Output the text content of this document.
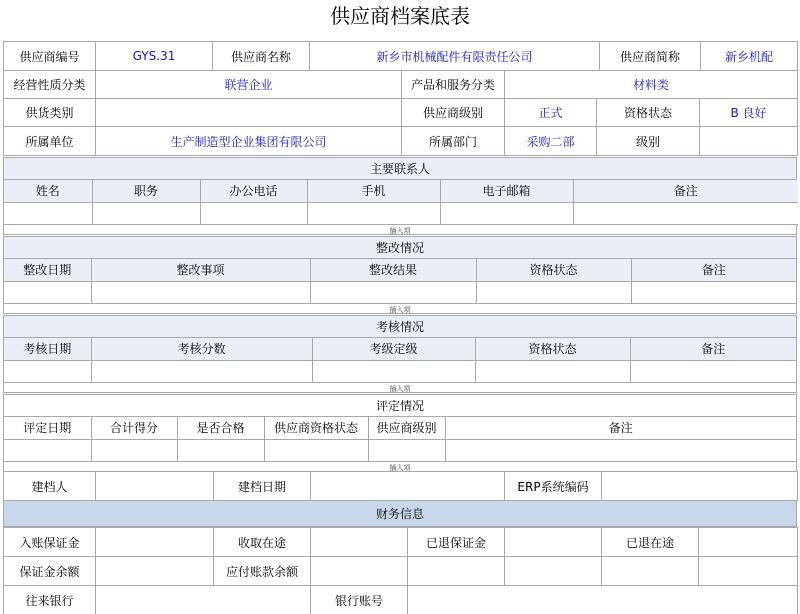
供应商档案底表
供应商编号	GYS.31	供应商名称	新乡市机械配件有限责任公司	供应商简称	新乡机配
经营性质分类	联营企业	产品和服务分类	材料类
供货类别		供应商级别	正式	资格状态	B 良好
所属单位	生产制造型企业集团有限公司	所属部门	采购二部	级别	
主要联系人
姓名	职务	办公电话	手机	电子邮箱	备注

插入项
整改情况
整改日期	整改事项	整改结果	资格状态	备注

插入项
考核情况
考核日期	考核分数	考级定级	资格状态	备注

插入项
评定情况
评定日期	合计得分	是否合格	供应商资格状态	供应商级别	备注

插入项
建档人		建档日期		ERP系统编码	
财务信息
入账保证金		收取在途		已退保证金		已退在途	
保证金余额		应付账款余额					
往来银行			银行账号				
